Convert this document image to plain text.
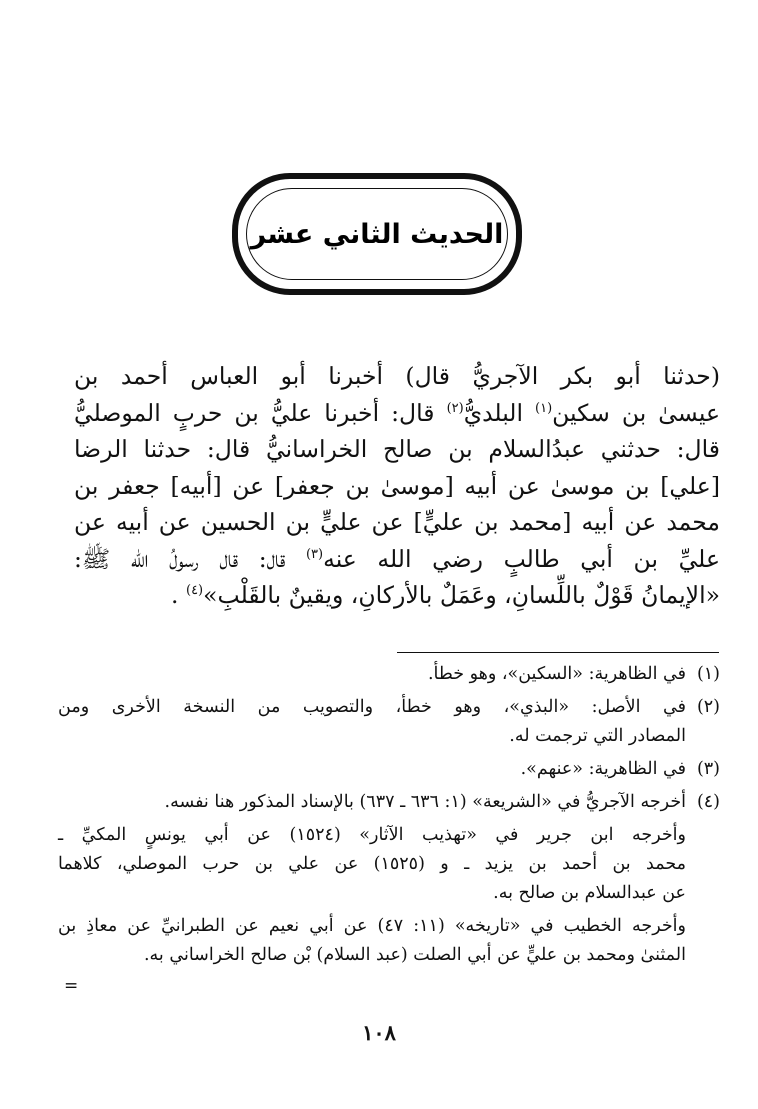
الحديث الثاني عشر
(حدثنا أبو بكر الآجريُّ قال) أخبرنا أبو العباس أحمد بن
عيسىٰ بن سكين$^{(١)}$ البلديُّ$^{(٢)}$ قال: أخبرنا عليُّ بن حربٍ الموصليُّ
قال: حدثني عبدُالسلام بن صالح الخراسانيُّ قال: حدثنا الرضا
[علي] بن موسىٰ عن أبيه [موسىٰ بن جعفر] عن [أبيه] جعفر بن
محمد عن أبيه [محمد بن عليٍّ] عن عليٍّ بن الحسين عن أبيه عن
عليِّ بن أبي طالبٍ رضي الله عنه$^{(٣)}$ قال: قال رسولُ الله ﷺ:
«الإيمانُ قَوْلٌ باللِّسانِ، وعَمَلٌ بالأركانِ، ويقينٌ بالقَلْبِ»$^{(٤)}$ .
(١)
في الظاهرية: «السكين»، وهو خطأ.
(٢)
في الأصل: «البذي»، وهو خطأ، والتصويب من النسخة الأخرى ومن
المصادر التي ترجمت له.
(٣)
في الظاهرية: «عنهم».
(٤)
أخرجه الآجريُّ في «الشريعة» (١: ٦٣٦ ـ ٦٣٧) بالإسناد المذكور هنا نفسه.
وأخرجه ابن جرير في «تهذيب الآثار» (١٥٢٤) عن أبي يونسٍ المكيِّ ـ
محمد بن أحمد بن يزيد ـ و (١٥٢٥) عن علي بن حرب الموصلي، كلاهما
عن عبدالسلام بن صالح به.
وأخرجه الخطيب في «تاريخه» (١١: ٤٧) عن أبي نعيم عن الطبرانيِّ عن معاذِ بن
المثنىٰ ومحمد بن عليٍّ عن أبي الصلت (عبد السلام) بْن صالح الخراساني به.
=
١٠٨
